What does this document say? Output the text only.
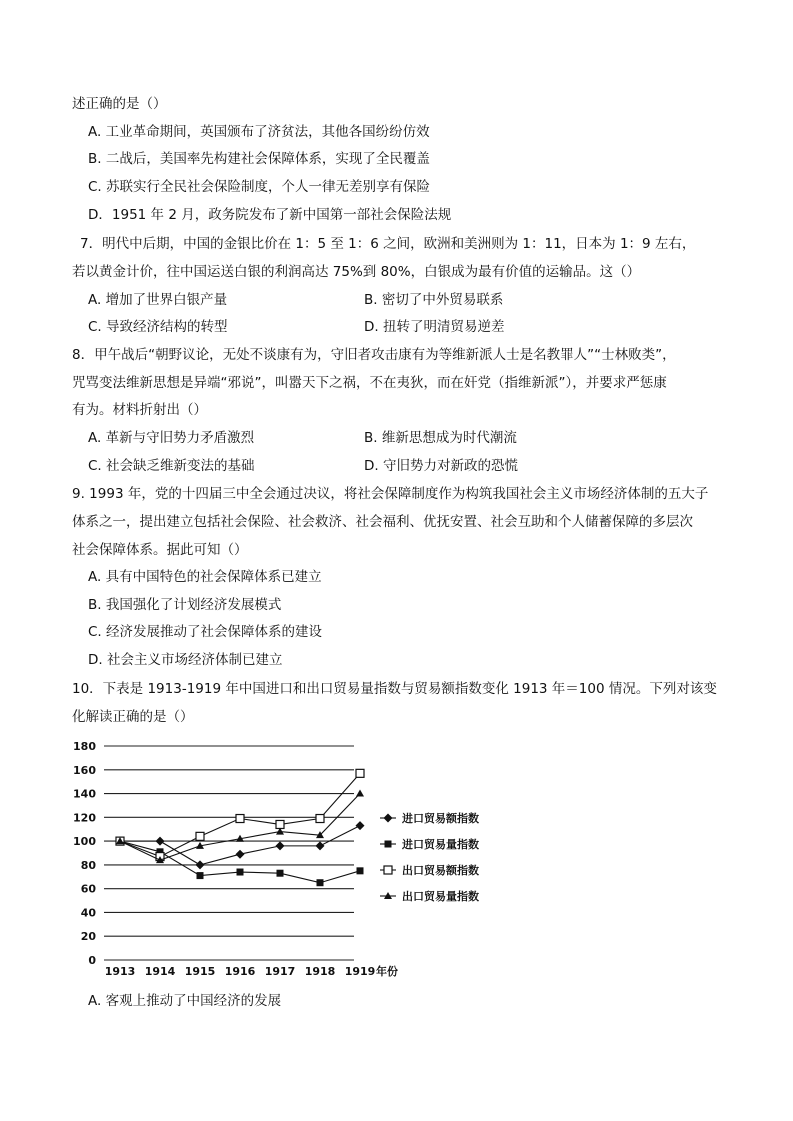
述正确的是（）
A. 工业革命期间，英国颁布了济贫法，其他各国纷纷仿效
B. 二战后，美国率先构建社会保障体系，实现了全民覆盖
C. 苏联实行全民社会保险制度，个人一律无差别享有保险
D．1951 年 2 月，政务院发布了新中国第一部社会保险法规
7．明代中后期，中国的金银比价在 1：5 至 1：6 之间，欧洲和美洲则为 1：11，日本为 1：9 左右，
若以黄金计价，往中国运送白银的利润高达 75%到 80%，白银成为最有价值的运输品。这（）
A. 增加了世界白银产量	B. 密切了中外贸易联系
C. 导致经济结构的转型	D. 扭转了明清贸易逆差
8．甲午战后“朝野议论，无处不谈康有为，守旧者攻击康有为等维新派人士是名教罪人”“士林败类”，
咒骂变法维新思想是异端“邪说”，叫嚣天下之祸，不在夷狄，而在奸党（指维新派”），并要求严惩康
有为。材料折射出（）
A. 革新与守旧势力矛盾激烈	B. 维新思想成为时代潮流
C. 社会缺乏维新变法的基础	D. 守旧势力对新政的恐慌
9. 1993 年，党的十四届三中全会通过决议，将社会保障制度作为构筑我国社会主义市场经济体制的五大子
体系之一，提出建立包括社会保险、社会救济、社会福利、优抚安置、社会互助和个人储蓄保障的多层次
社会保障体系。据此可知（）
A. 具有中国特色的社会保障体系已建立
B. 我国强化了计划经济发展模式
C. 经济发展推动了社会保障体系的建设
D. 社会主义市场经济体制已建立
10．下表是 1913-1919 年中国进口和出口贸易量指数与贸易额指数变化 1913 年＝100 情况。下列对该变
化解读正确的是（）
0
20
40
60
80
100
120
140
160
180
1913 1914 1915 1916 1917 1918 1919 年份
进口贸易额指数
进口贸易量指数
出口贸易额指数
出口贸易量指数
A. 客观上推动了中国经济的发展
